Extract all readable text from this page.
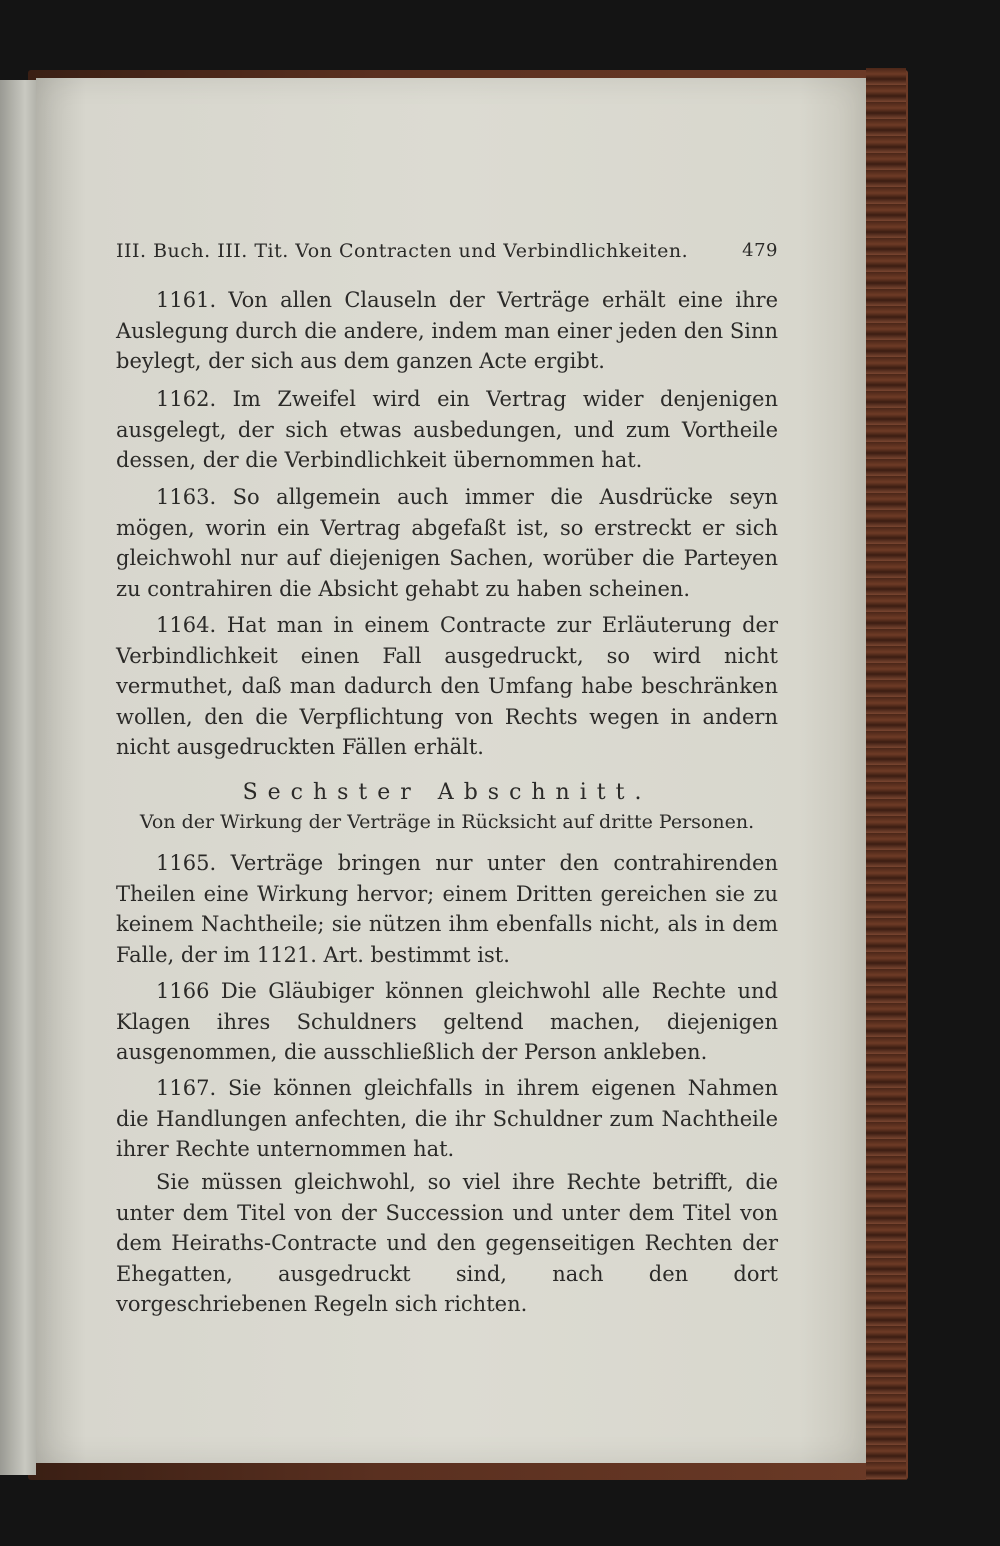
III. Buch. III. Tit. Von Contracten und Verbindlichkeiten.	479
1161. Von allen Clauseln der Verträge erhält eine ihre Auslegung durch die andere, indem man einer jeden den Sinn beylegt, der sich aus dem ganzen Acte ergibt.
1162. Im Zweifel wird ein Vertrag wider denjenigen ausgelegt, der sich etwas ausbedungen, und zum Vortheile dessen, der die Verbindlichkeit übernommen hat.
1163. So allgemein auch immer die Ausdrücke seyn mögen, worin ein Vertrag abgefaßt ist, so erstreckt er sich gleichwohl nur auf diejenigen Sachen, worüber die Parteyen zu contrahiren die Absicht gehabt zu haben scheinen.
1164. Hat man in einem Contracte zur Erläuterung der Verbindlichkeit einen Fall ausgedruckt, so wird nicht vermuthet, daß man dadurch den Umfang habe beschränken wollen, den die Verpflichtung von Rechts wegen in andern nicht ausgedruckten Fällen erhält.
Sechster Abschnitt.
Von der Wirkung der Verträge in Rücksicht auf dritte Personen.
1165. Verträge bringen nur unter den contrahirenden Theilen eine Wirkung hervor; einem Dritten gereichen sie zu keinem Nachtheile; sie nützen ihm ebenfalls nicht, als in dem Falle, der im 1121. Art. bestimmt ist.
1166 Die Gläubiger können gleichwohl alle Rechte und Klagen ihres Schuldners geltend machen, diejenigen ausgenommen, die ausschließlich der Person ankleben.
1167. Sie können gleichfalls in ihrem eigenen Nahmen die Handlungen anfechten, die ihr Schuldner zum Nachtheile ihrer Rechte unternommen hat.
Sie müssen gleichwohl, so viel ihre Rechte betrifft, die unter dem Titel von der Succession und unter dem Titel von dem Heiraths-Contracte und den gegenseitigen Rechten der Ehegatten, ausgedruckt sind, nach den dort vorgeschriebenen Regeln sich richten.
